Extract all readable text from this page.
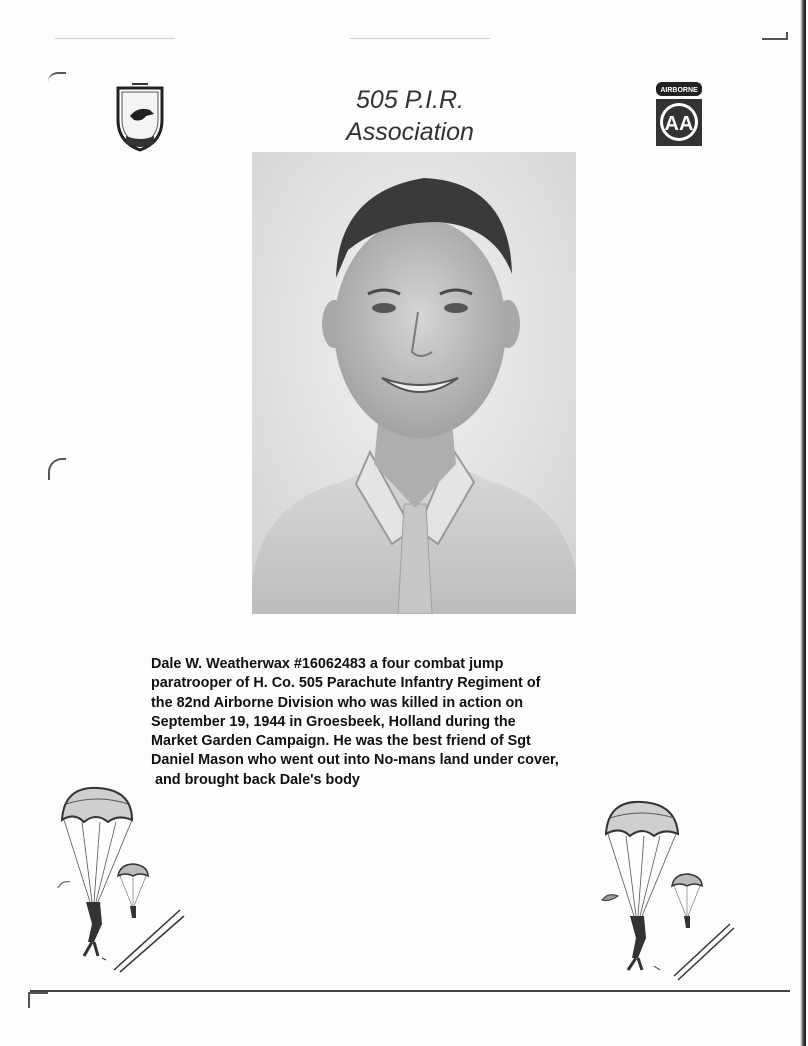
505 P.I.R.
Association
AIRBORNE
AA
Dale W. Weatherwax #16062483 a four combat jump
paratrooper of H. Co. 505 Parachute Infantry Regiment of
the 82nd Airborne Division who was killed in action on
September 19, 1944 in Groesbeek, Holland during the
Market Garden Campaign. He was the best friend of Sgt
Daniel Mason who went out into No-mans land under cover,
and brought back Dale's body
